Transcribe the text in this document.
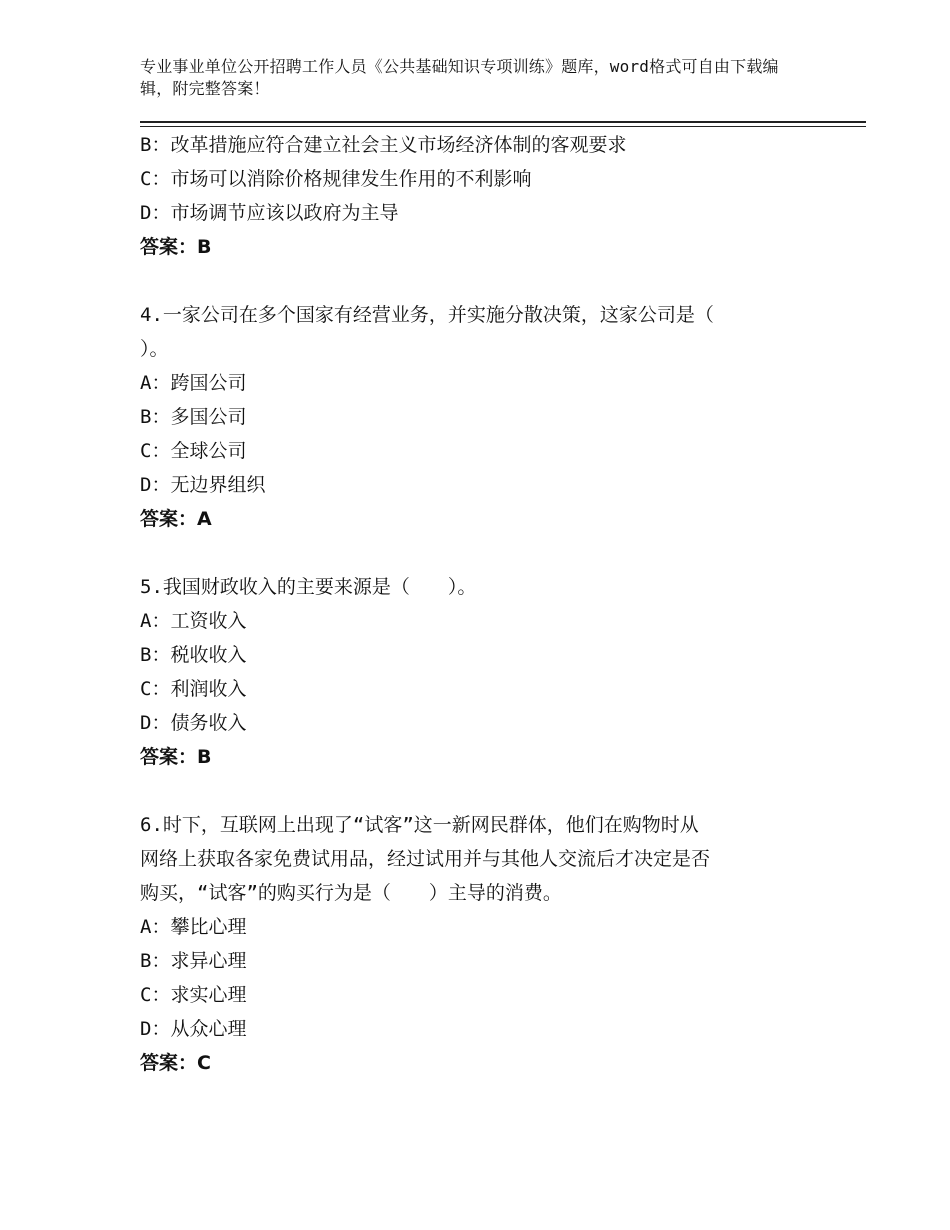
专业事业单位公开招聘工作人员《公共基础知识专项训练》题库，word格式可自由下载编辑，附完整答案！
B：改革措施应符合建立社会主义市场经济体制的客观要求
C：市场可以消除价格规律发生作用的不利影响
D：市场调节应该以政府为主导
答案：B
4.一家公司在多个国家有经营业务，并实施分散决策，这家公司是（
）。
A：跨国公司
B：多国公司
C：全球公司
D：无边界组织
答案：A
5.我国财政收入的主要来源是（　　）。
A：工资收入
B：税收收入
C：利润收入
D：债务收入
答案：B
6.时下，互联网上出现了“试客”这一新网民群体，他们在购物时从
网络上获取各家免费试用品，经过试用并与其他人交流后才决定是否
购买，“试客”的购买行为是（　　）主导的消费。
A：攀比心理
B：求异心理
C：求实心理
D：从众心理
答案：C
